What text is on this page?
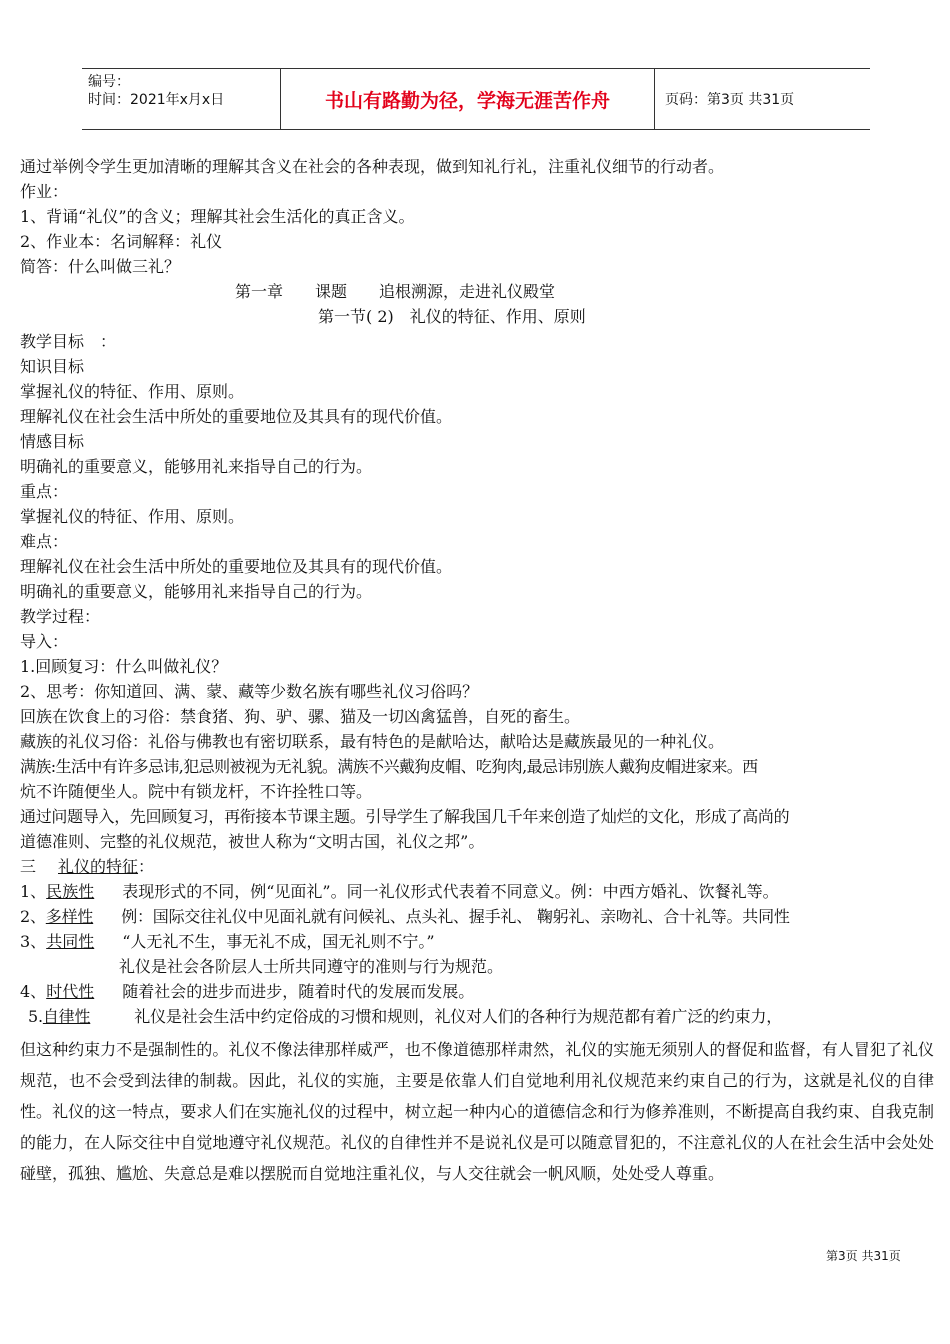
编号：
时间：2021年x月x日	书山有路勤为径，学海无涯苦作舟	页码：第3页 共31页
通过举例令学生更加清晰的理解其含义在社会的各种表现，做到知礼行礼，注重礼仪细节的行动者。
作业：
1、背诵“礼仪”的含义；理解其社会生活化的真正含义。
2、作业本：名词解释：礼仪
简答：什么叫做三礼？
第一章　　课题　　追根溯源，走进礼仪殿堂
第一节( 2)　礼仪的特征、作用、原则
教学目标　：
知识目标
掌握礼仪的特征、作用、原则。
理解礼仪在社会生活中所处的重要地位及其具有的现代价值。
情感目标
明确礼的重要意义，能够用礼来指导自己的行为。
重点：
掌握礼仪的特征、作用、原则。
难点：
理解礼仪在社会生活中所处的重要地位及其具有的现代价值。
明确礼的重要意义，能够用礼来指导自己的行为。
教学过程：
导入：
1.回顾复习：什么叫做礼仪？
2、思考：你知道回、满、蒙、藏等少数名族有哪些礼仪习俗吗？
回族在饮食上的习俗：禁食猪、狗、驴、骡、猫及一切凶禽猛兽，自死的畜生。
藏族的礼仪习俗：礼俗与佛教也有密切联系，最有特色的是献哈达，献哈达是藏族最见的一种礼仪。
满族:生活中有许多忌讳,犯忌则被视为无礼貌。满族不兴戴狗皮帽、吃狗肉,最忌讳别族人戴狗皮帽进家来。西
炕不许随便坐人。院中有锁龙杆，不许拴牲口等。
通过问题导入，先回顾复习，再衔接本节课主题。引导学生了解我国几千年来创造了灿烂的文化，形成了高尚的
道德准则、完整的礼仪规范，被世人称为“文明古国，礼仪之邦”。
三 礼仪的特征：
1、民族性 表现形式的不同，例“见面礼”。同一礼仪形式代表着不同意义。例：中西方婚礼、饮餐礼等。
2、多样性 例：国际交往礼仪中见面礼就有问候礼、点头礼、握手礼、 鞠躬礼、亲吻礼、合十礼等。共同性
3、共同性 “人无礼不生，事无礼不成，国无礼则不宁。”
礼仪是社会各阶层人士所共同遵守的准则与行为规范。
4、时代性 随着社会的进步而进步，随着时代的发展而发展。
5.自律性	礼仪是社会生活中约定俗成的习惯和规则，礼仪对人们的各种行为规范都有着广泛的约束力，
但这种约束力不是强制性的。礼仪不像法律那样威严，也不像道德那样肃然，礼仪的实施无须别人的督促和监督，有人冒犯了礼仪规范，也不会受到法律的制裁。因此，礼仪的实施，主要是依靠人们自觉地利用礼仪规范来约束自己的行为，这就是礼仪的自律性。礼仪的这一特点，要求人们在实施礼仪的过程中，树立起一种内心的道德信念和行为修养准则，不断提高自我约束、自我克制的能力，在人际交往中自觉地遵守礼仪规范。礼仪的自律性并不是说礼仪是可以随意冒犯的，不注意礼仪的人在社会生活中会处处碰壁，孤独、尴尬、失意总是难以摆脱而自觉地注重礼仪，与人交往就会一帆风顺，处处受人尊重。
第3页 共31页
